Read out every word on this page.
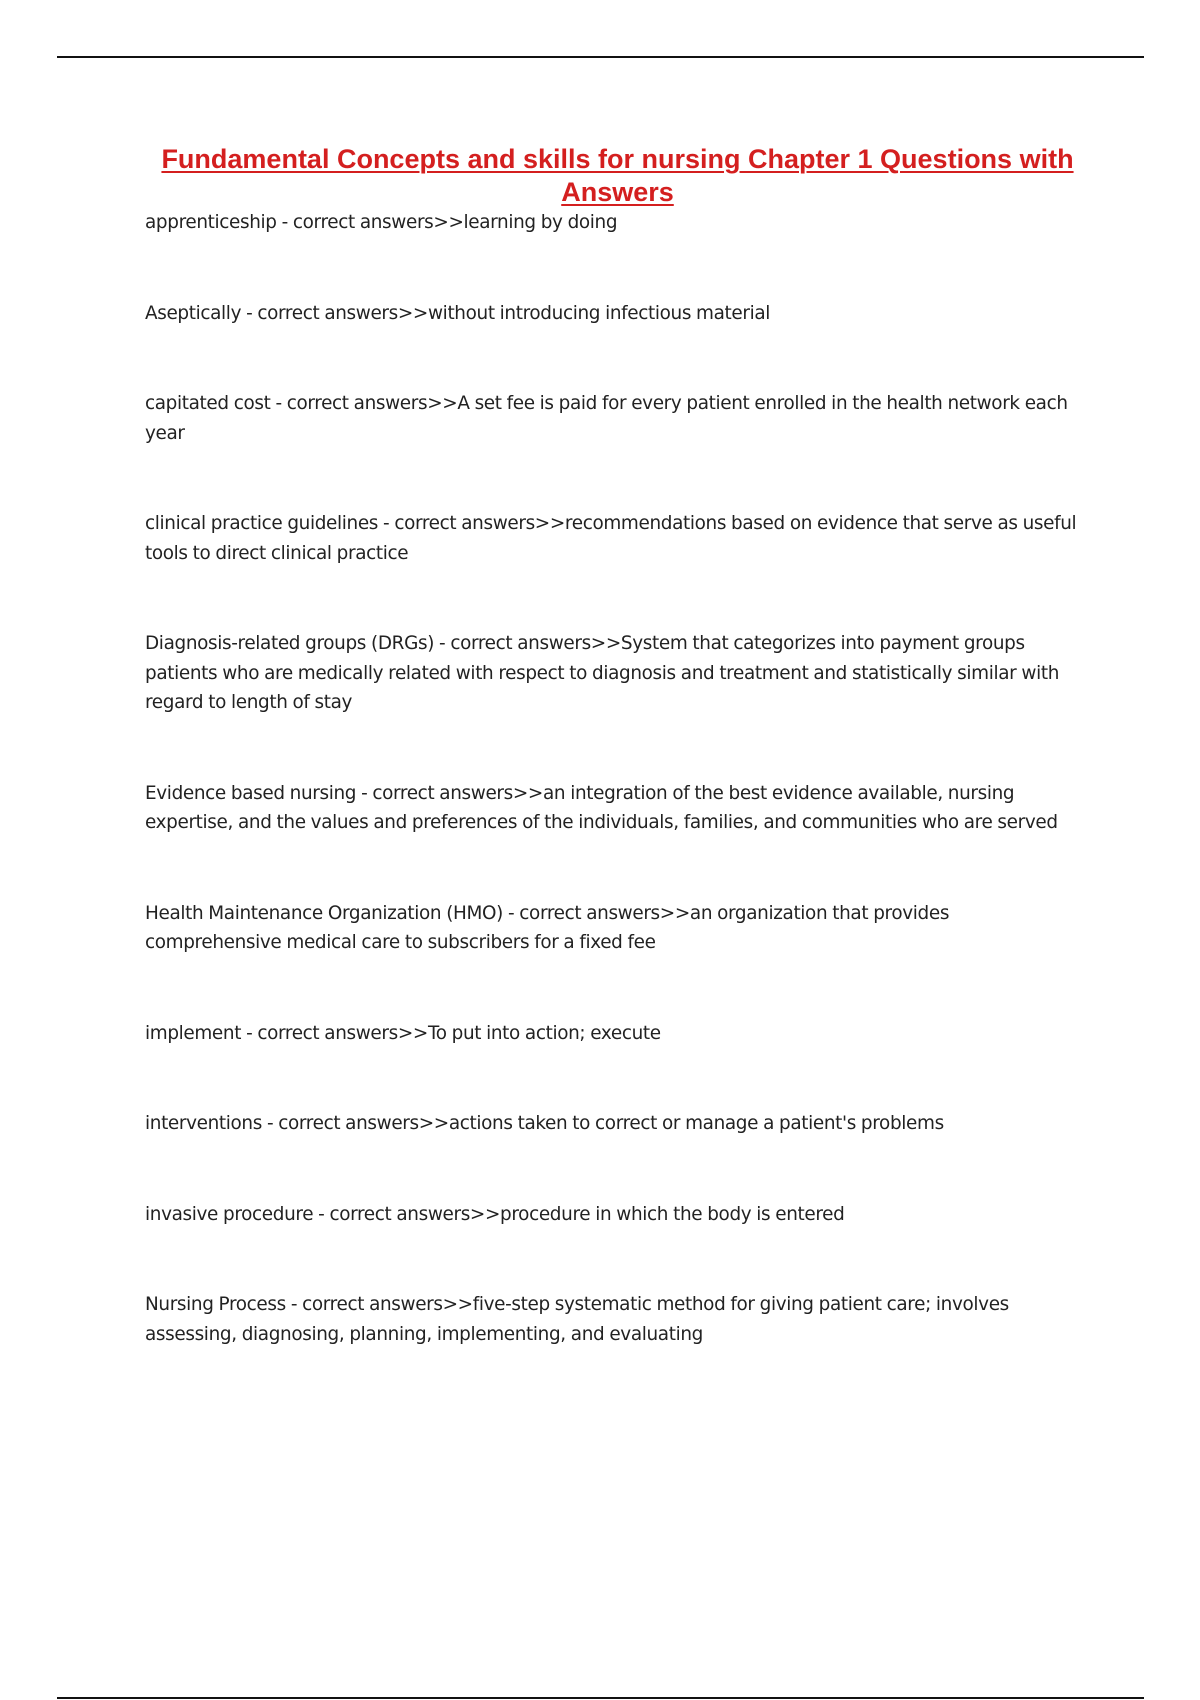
Fundamental Concepts and skills for nursing Chapter 1 Questions with Answers
apprenticeship - correct answers>>learning by doing
Aseptically - correct answers>>without introducing infectious material
capitated cost - correct answers>>A set fee is paid for every patient enrolled in the health network each year
clinical practice guidelines - correct answers>>recommendations based on evidence that serve as useful tools to direct clinical practice
Diagnosis-related groups (DRGs) - correct answers>>System that categorizes into payment groups patients who are medically related with respect to diagnosis and treatment and statistically similar with regard to length of stay
Evidence based nursing - correct answers>>an integration of the best evidence available, nursing expertise, and the values and preferences of the individuals, families, and communities who are served
Health Maintenance Organization (HMO) - correct answers>>an organization that provides comprehensive medical care to subscribers for a fixed fee
implement - correct answers>>To put into action; execute
interventions - correct answers>>actions taken to correct or manage a patient's problems
invasive procedure - correct answers>>procedure in which the body is entered
Nursing Process - correct answers>>five-step systematic method for giving patient care; involves assessing, diagnosing, planning, implementing, and evaluating
